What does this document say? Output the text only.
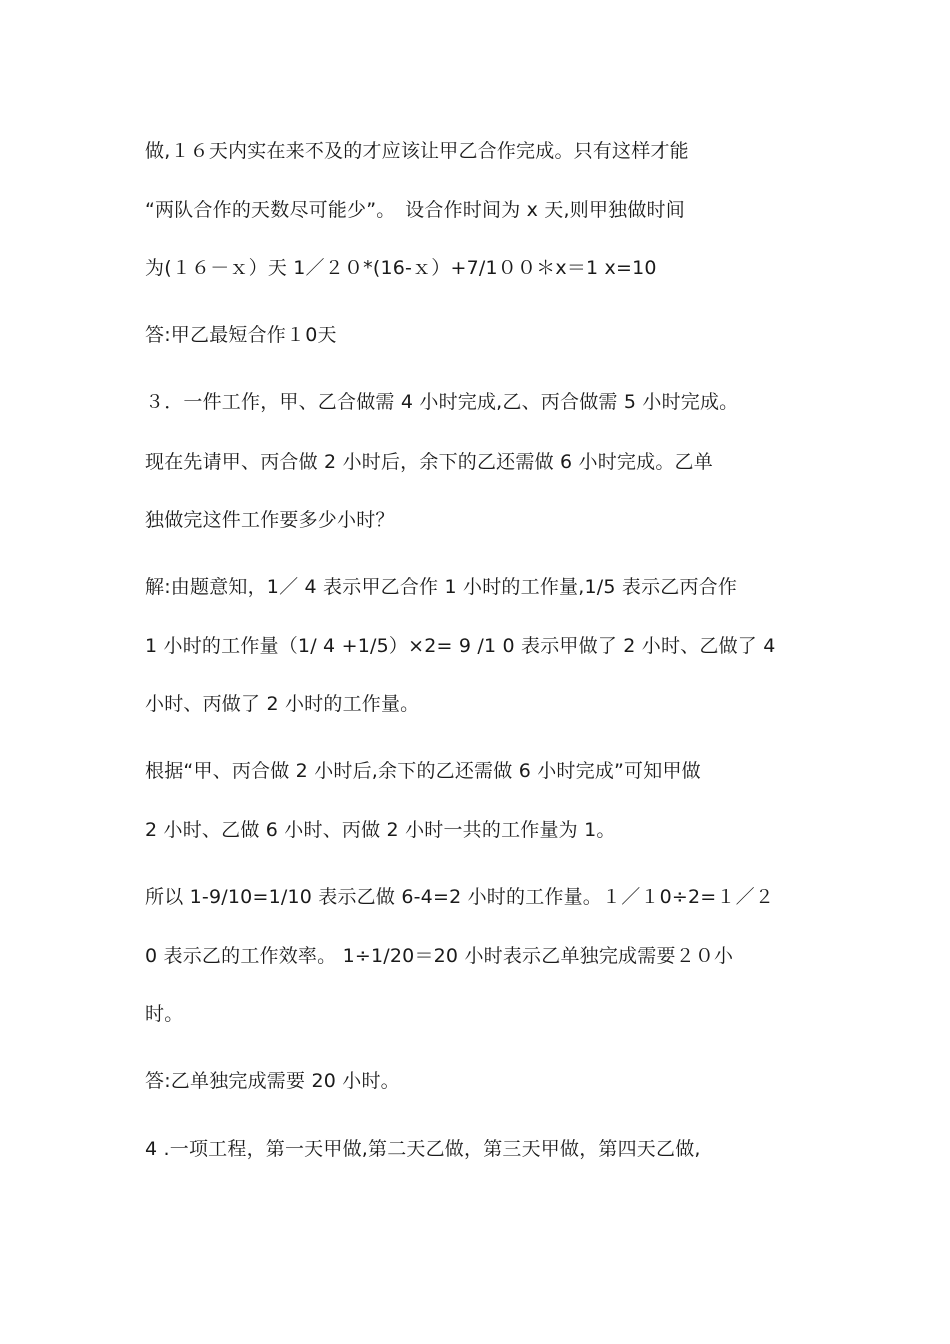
做,１６天内实在来不及的才应该让甲乙合作完成。只有这样才能

“两队合作的天数尽可能少”。　设合作时间为 x 天,则甲独做时间

为(１６－ｘ）天 1／２０*(16-ｘ）+7/1００＊x＝1 x=10

答:甲乙最短合作１0天

３．一件工作，甲、乙合做需 4 小时完成,乙、丙合做需 5 小时完成。

现在先请甲、丙合做 2 小时后，余下的乙还需做 6 小时完成。乙单

独做完这件工作要多少小时？

解:由题意知，1／ 4 表示甲乙合作 1 小时的工作量,1/5 表示乙丙合作

1 小时的工作量（1/ 4 +1/5）×2= 9 /1 0 表示甲做了 2 小时、乙做了 4

小时、丙做了 2 小时的工作量。

根据“甲、丙合做 2 小时后,余下的乙还需做 6 小时完成”可知甲做

2 小时、乙做 6 小时、丙做 2 小时一共的工作量为 1。

所以 1-9/10=1/10 表示乙做 6-4=2 小时的工作量。１／１0÷2=１／２

0 表示乙的工作效率。 1÷1/20＝20 小时表示乙单独完成需要２０小

时。

答:乙单独完成需要 20 小时。

4 .一项工程，第一天甲做,第二天乙做，第三天甲做，第四天乙做,
